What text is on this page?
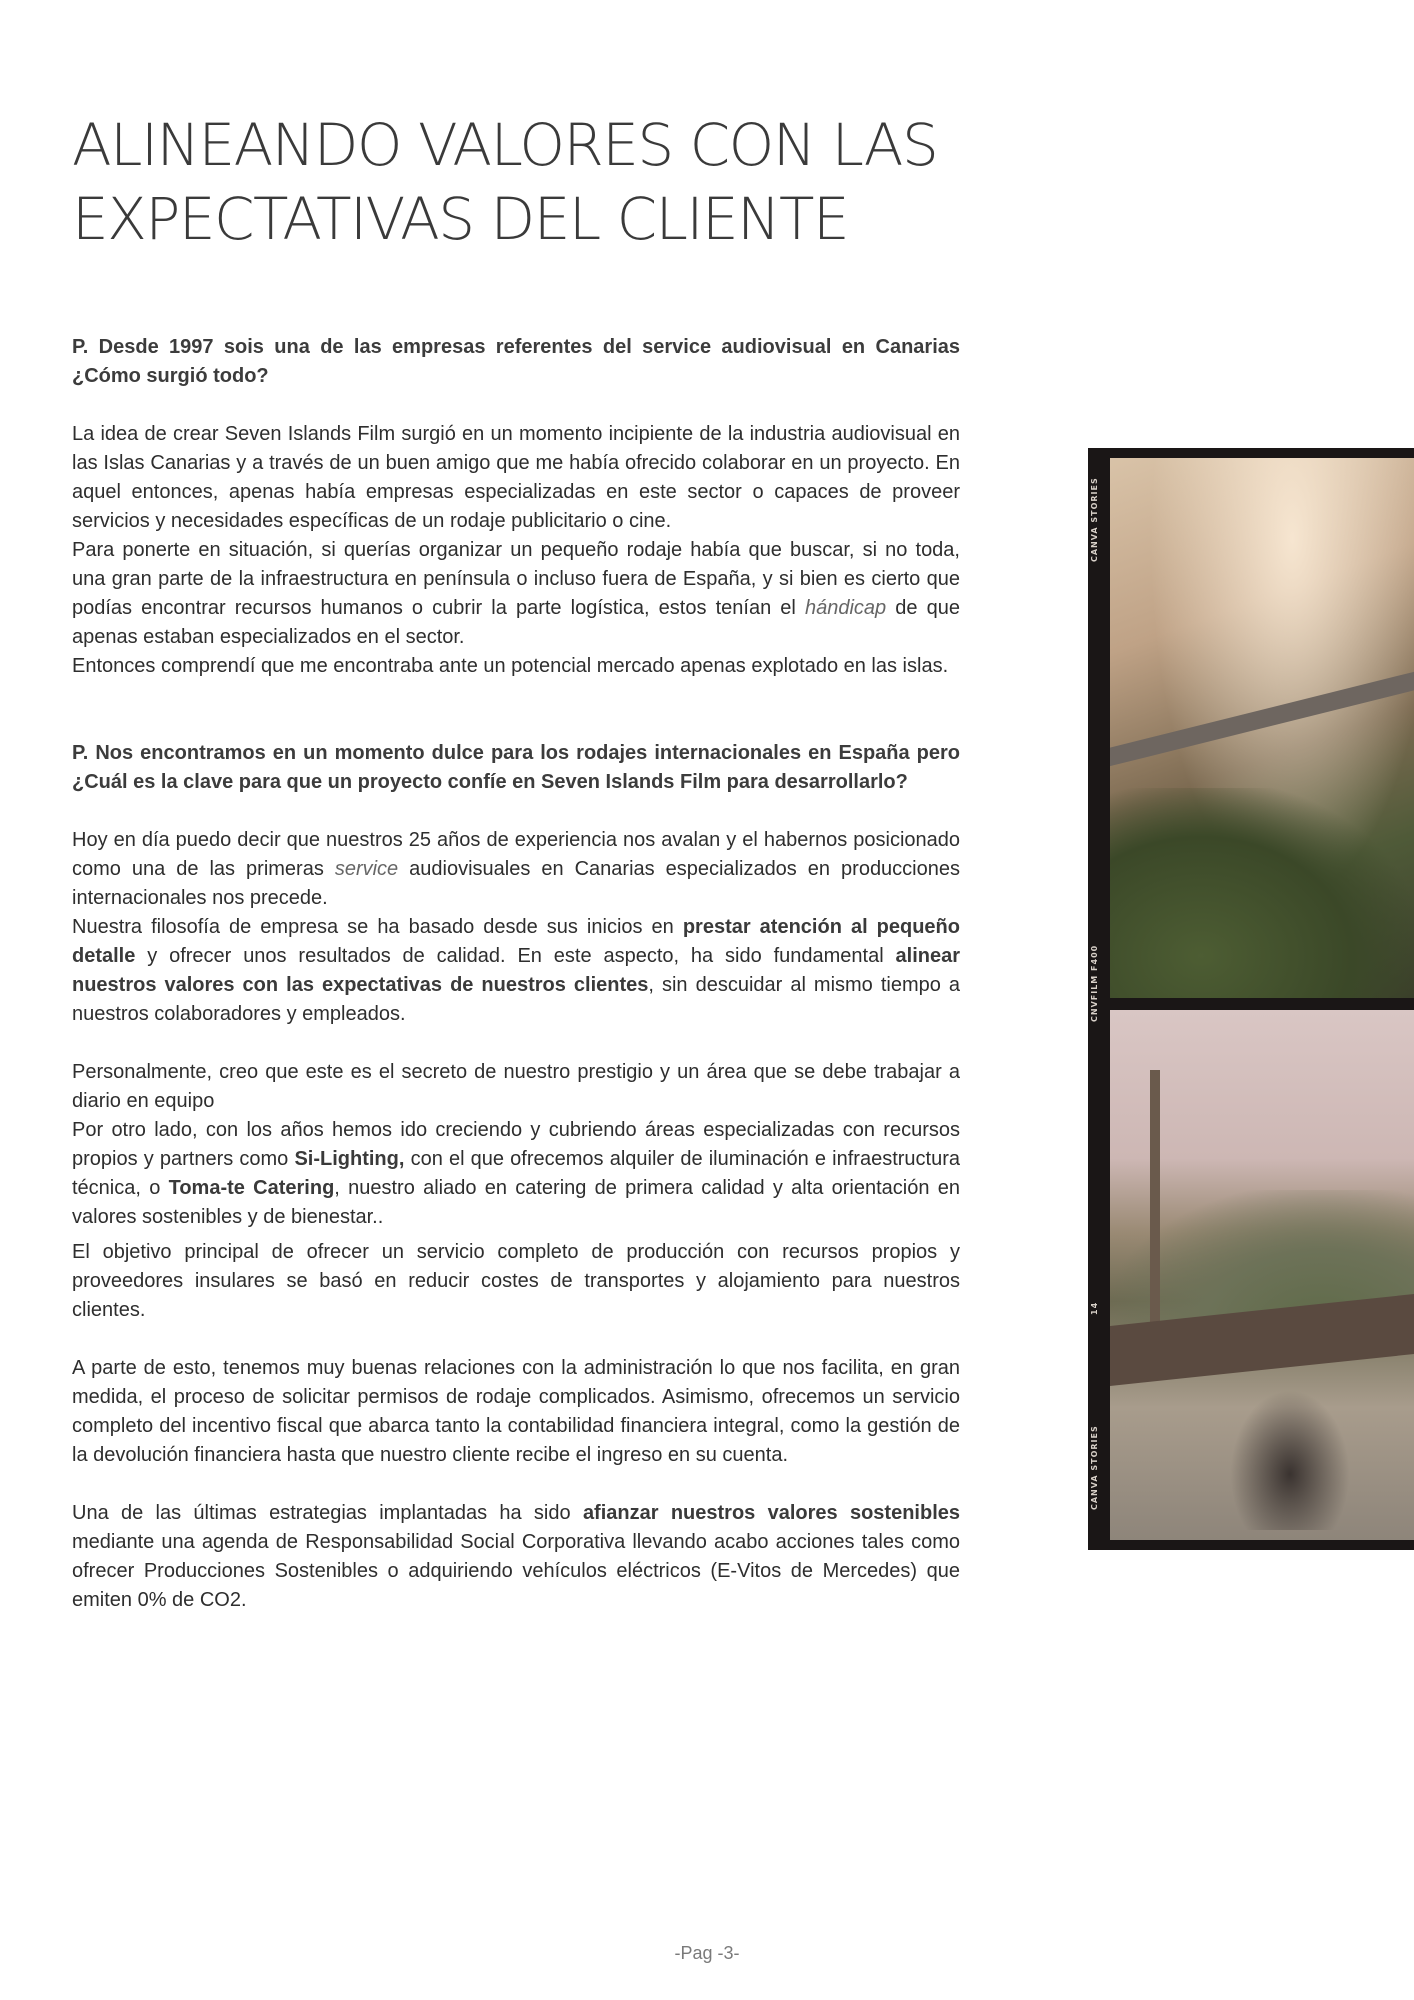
ALINEANDO VALORES CON LAS
EXPECTATIVAS DEL CLIENTE

P. Desde 1997 sois una de las empresas referentes del service audiovisual en Canarias ¿Cómo surgió todo?

La idea de crear Seven Islands Film surgió en un momento incipiente de la industria audiovisual en las Islas Canarias y a través de un buen amigo que me había ofrecido colaborar en un proyecto. En aquel entonces, apenas había empresas especializadas en este sector o capaces de proveer servicios y necesidades específicas de un rodaje publicitario o cine.

Para ponerte en situación, si querías organizar un pequeño rodaje había que buscar, si no toda, una gran parte de la infraestructura en península o incluso fuera de España, y si bien es cierto que podías encontrar recursos humanos o cubrir la parte logística, estos tenían el hándicap de que apenas estaban especializados en el sector.

Entonces comprendí que me encontraba ante un potencial mercado apenas explotado en las islas.

P. Nos encontramos en un momento dulce para los rodajes internacionales en España pero ¿Cuál es la clave para que un proyecto confíe en Seven Islands Film para desarrollarlo?

Hoy en día puedo decir que nuestros 25 años de experiencia nos avalan y el habernos posicionado como una de las primeras service audiovisuales en Canarias especializados en producciones internacionales nos precede.

Nuestra filosofía de empresa se ha basado desde sus inicios en prestar atención al pequeño detalle y ofrecer unos resultados de calidad. En este aspecto, ha sido fundamental alinear nuestros valores con las expectativas de nuestros clientes, sin descuidar al mismo tiempo a nuestros colaboradores y empleados.

Personalmente, creo que este es el secreto de nuestro prestigio y un área que se debe trabajar a diario en equipo

Por otro lado, con los años hemos ido creciendo y cubriendo áreas especializadas con recursos propios y partners como Si-Lighting, con el que ofrecemos alquiler de iluminación e infraestructura técnica, o Toma-te Catering, nuestro aliado en catering de primera calidad y alta orientación en valores sostenibles y de bienestar..

El objetivo principal de ofrecer un servicio completo de producción con recursos propios y proveedores insulares se basó en reducir costes de transportes y alojamiento para nuestros clientes.

A parte de esto, tenemos muy buenas relaciones con la administración lo que nos facilita, en gran medida, el proceso de solicitar permisos de rodaje complicados. Asimismo, ofrecemos un servicio completo del incentivo fiscal que abarca tanto la contabilidad financiera integral, como la gestión de la devolución financiera hasta que nuestro cliente recibe el ingreso en su cuenta.

Una de las últimas estrategias implantadas ha sido afianzar nuestros valores sostenibles mediante una agenda de Responsabilidad Social Corporativa llevando acabo acciones tales como ofrecer Producciones Sostenibles o adquiriendo vehículos eléctricos (E-Vitos de Mercedes) que emiten 0% de CO2.

CANVA STORIES
CNVFILM F400
14
CANVA STORIES
-Pag -3-
